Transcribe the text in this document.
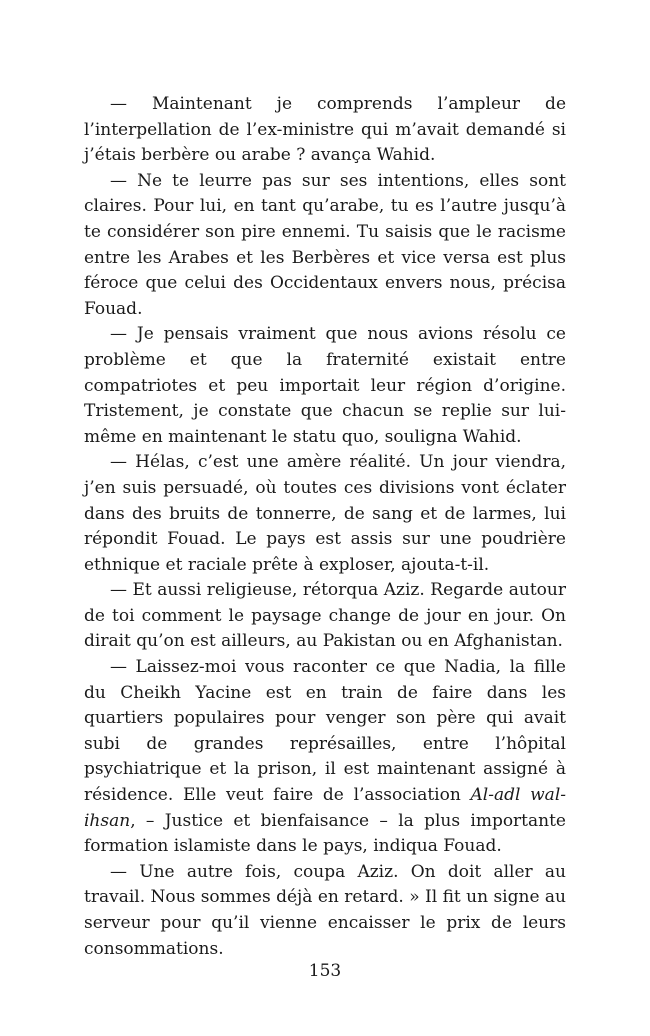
— Maintenant je comprends l’ampleur de l’interpellation de l’ex-ministre qui m’avait demandé si j’étais berbère ou arabe ? avança Wahid.

— Ne te leurre pas sur ses intentions, elles sont claires. Pour lui, en tant qu’arabe, tu es l’autre jusqu’à te considérer son pire ennemi. Tu saisis que le racisme entre les Arabes et les Berbères et vice versa est plus féroce que celui des Occidentaux envers nous, précisa Fouad.

— Je pensais vraiment que nous avions résolu ce problème et que la fraternité existait entre compatriotes et peu importait leur région d’origine. Tristement, je constate que chacun se replie sur lui-même en maintenant le statu quo, souligna Wahid.

— Hélas, c’est une amère réalité. Un jour viendra, j’en suis persuadé, où toutes ces divisions vont éclater dans des bruits de tonnerre, de sang et de larmes, lui répondit Fouad. Le pays est assis sur une poudrière ethnique et raciale prête à exploser, ajouta-t-il.

— Et aussi religieuse, rétorqua Aziz. Regarde autour de toi comment le paysage change de jour en jour. On dirait qu’on est ailleurs, au Pakistan ou en Afghanistan.

— Laissez-moi vous raconter ce que Nadia, la fille du Cheikh Yacine est en train de faire dans les quartiers populaires pour venger son père qui avait subi de grandes représailles, entre l’hôpital psychiatrique et la prison, il est maintenant assigné à résidence. Elle veut faire de l’association Al-adl wal-ihsan, – Justice et bienfaisance – la plus importante formation islamiste dans le pays, indiqua Fouad.

— Une autre fois, coupa Aziz. On doit aller au travail. Nous sommes déjà en retard. » Il fit un signe au serveur pour qu’il vienne encaisser le prix de leurs consommations.

153
